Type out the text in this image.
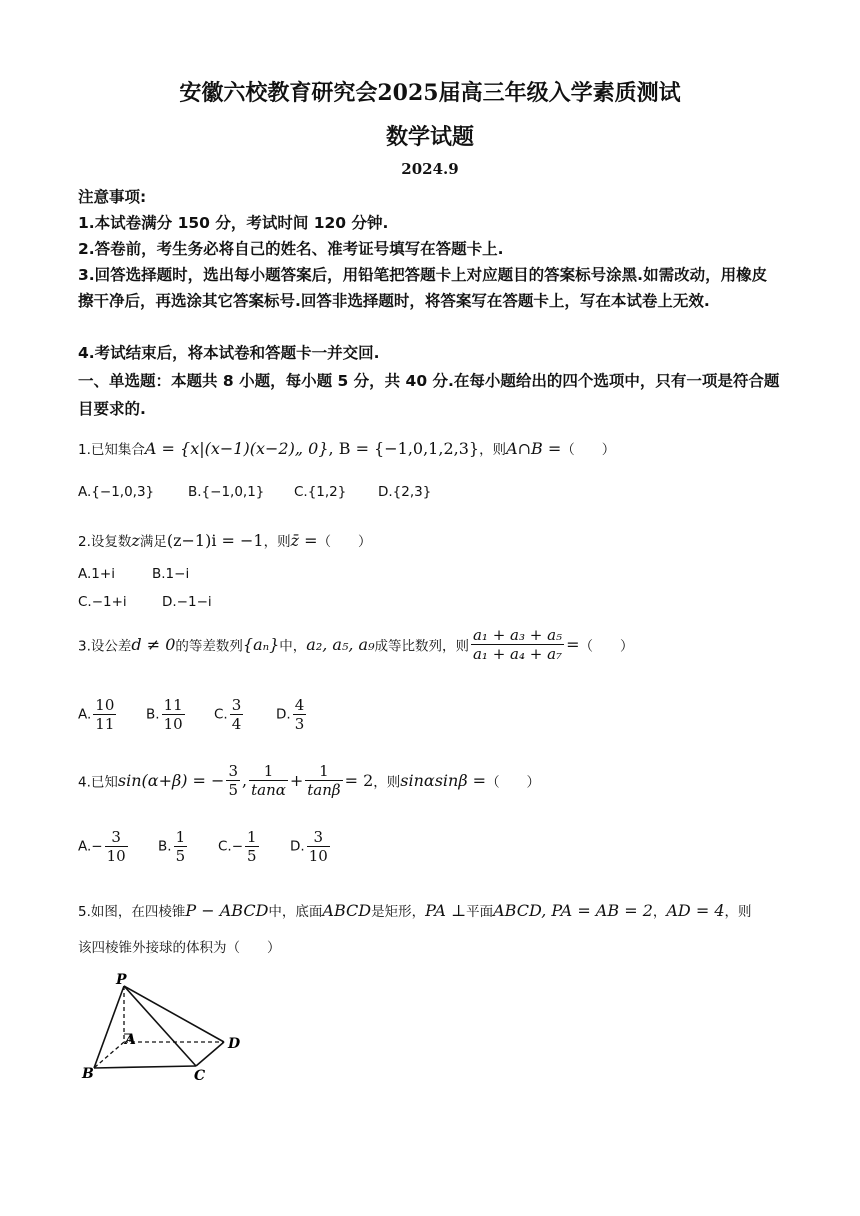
安徽六校教育研究会2025届高三年级入学素质测试
数学试题
2024.9
注意事项:
1.本试卷满分 150 分，考试时间 120 分钟.
2.答卷前，考生务必将自己的姓名、准考证号填写在答题卡上.
3.回答选择题时，选出每小题答案后，用铅笔把答题卡上对应题目的答案标号涂黑.如需改动，用橡皮擦干净后，再选涂其它答案标号.回答非选择题时，将答案写在答题卡上，写在本试卷上无效.
4.考试结束后，将本试卷和答题卡一并交回.
一、单选题：本题共 8 小题，每小题 5 分，共 40 分.在每小题给出的四个选项中，只有一项是符合题目要求的.
1.已知集合A = {x|(x−1)(x−2)„ 0}, B = {−1,0,1,2,3}，则A∩B =（　　）
A.{−1,0,3}	B.{−1,0,1} C.{1,2} D.{2,3}
2.设复数z满足(z−1)i = −1，则z̄ =（　　）
A.1+i	B.1−i
C.−1+i	D.−1−i
3.设公差d ≠ 0的等差数列{aₙ}中，a₂, a₅, a₉成等比数列，则 $\frac{\text{a₁ + a₃ + a₅}}{\text{a₁ + a₄ + a₇}}$ =（　　）
A. $\frac{10}{11} B$. $\frac{11}{10} C$. $\frac{3}{4} D$. $\frac{4}{3}$
4.已知sin(α+β) = − $\frac{3}{5}$ , $\frac{1}{\tan\alpha} + \frac{1}{\tan\beta} = 2$，则sinαsinβ =（　　）
$A.- \frac{3}{10} B$. $\frac{1}{5} C.- \frac{1}{5} D$. $\frac{3}{10}$
5.如图，在四棱锥P − ABCD中，底面ABCD是矩形，PA ⊥平面ABCD, PA = AB = 2，AD = 4，则
该四棱锥外接球的体积为（　　）
P
A
B	C
D
